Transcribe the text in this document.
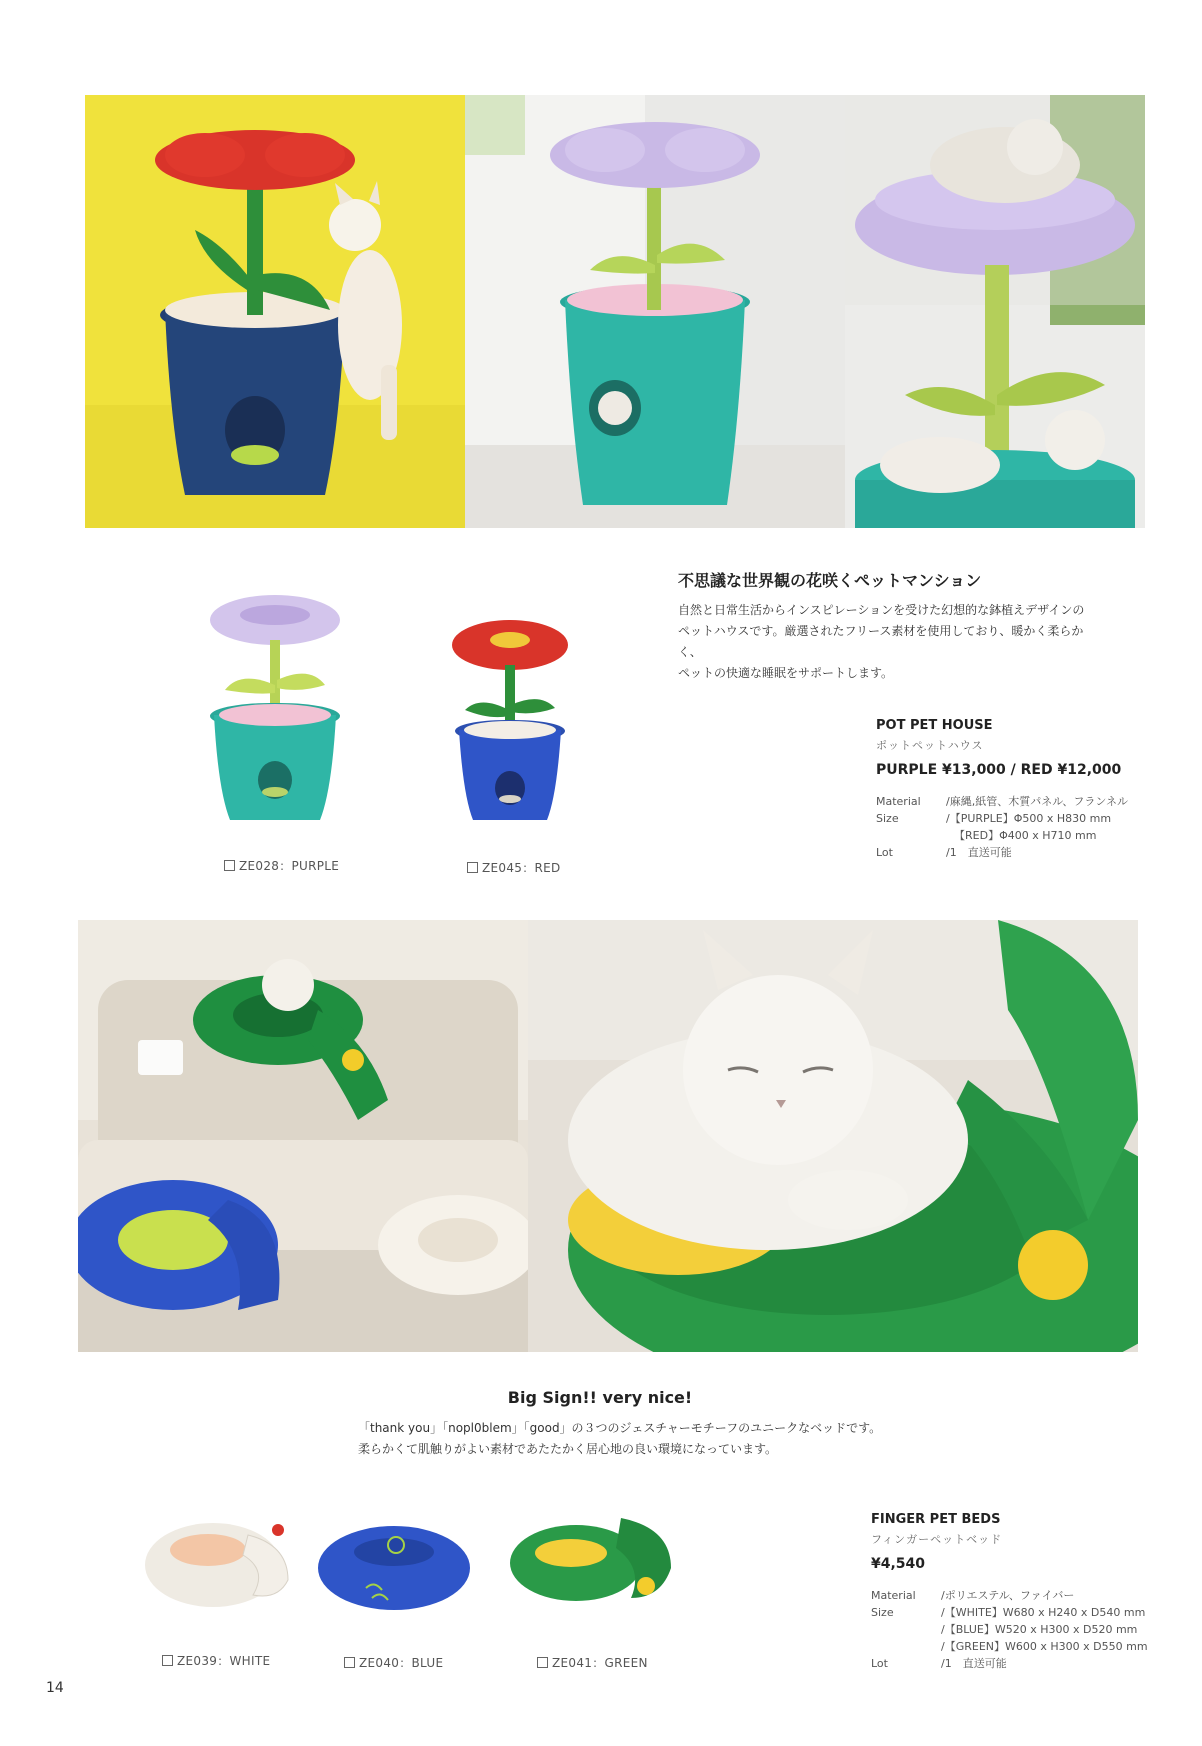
ZE028：PURPLE	ZE045：RED
不思議な世界観の花咲くペットマンション
自然と日常生活からインスピレーションを受けた幻想的な鉢植えデザインの
ペットハウスです。厳選されたフリース素材を使用しており、暖かく柔らかく、
ペットの快適な睡眠をサポートします。
POT PET HOUSE
ポットペットハウス
PURPLE ¥13,000 / RED ¥12,000
Material	/麻縄,紙管、木質パネル、フランネル
Size	/【PURPLE】Φ500 x H830 mm
	【RED】Φ400 x H710 mm
Lot	/1　直送可能
Big Sign!! very nice!
「thank you」「nopl0blem」「good」の３つのジェスチャーモチーフのユニークなベッドです。
柔らかくて肌触りがよい素材であたたかく居心地の良い環境になっています。
ZE039：WHITE	ZE040：BLUE	ZE041：GREEN
FINGER PET BEDS
フィンガーペットベッド
¥4,540
Material	/ポリエステル、ファイバー
Size	/【WHITE】W680 x H240 x D540 mm
	/【BLUE】W520 x H300 x D520 mm
	/【GREEN】W600 x H300 x D550 mm
Lot	/1　直送可能
14
